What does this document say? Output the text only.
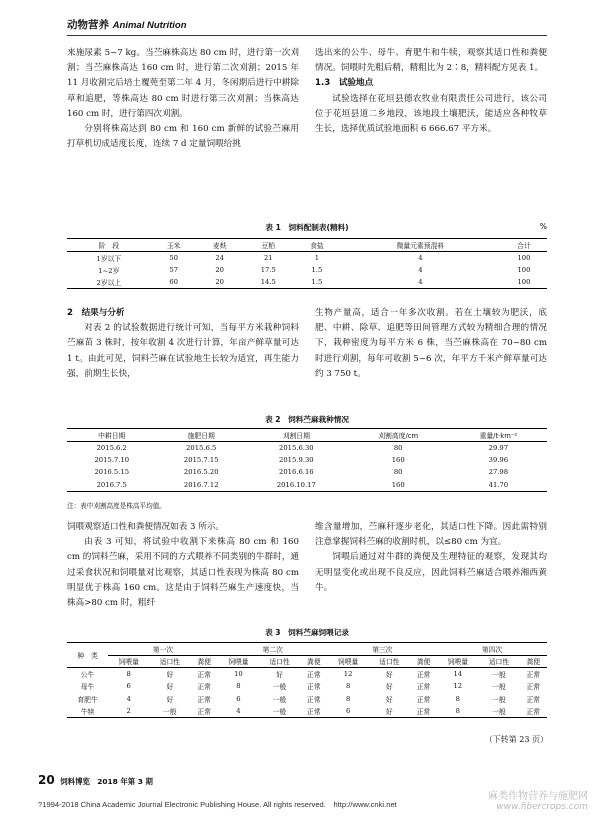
动物营养 Animal Nutrition

来施尿素 5~7 kg。当苎麻株高达 80 cm 时，进行第一次刈割；当苎麻株高达 160 cm 时，进行第二次刈割；2015 年 11 月收割完后培土覆蔸至第二年 4 月，冬闲期后进行中耕除草和追肥，等株高达 80 cm 时进行第三次刈割；当株高达 160 cm 时，进行第四次刈割。

分别将株高达到 80 cm 和 160 cm 新鲜的试验苎麻用打草机切成适度长度，连续 7 d 定量饲喂给挑

选出来的公牛、母牛、育肥牛和牛犊，观察其适口性和粪便情况。饲喂时先粗后精，精粗比为 2∶8，精料配方见表 1。

1.3　试验地点

试验选择在花垣县德农牧业有限责任公司进行，该公司位于花垣县道二乡地段，该地段土壤肥沃，能适应各种牧草生长，选择优质试验地面积 6 666.67 平方米。

表 1　饲料配制表(精料)	%
阶　段	玉米	麦麸	豆粕	食盐	微量元素预混料	合计
1岁以下	50	24	21	1	4	100
1~2岁	57	20	17.5	1.5	4	100
2岁以上	60	20	14.5	1.5	4	100

2　结果与分析

对表 2 的试验数据进行统计可知，当每平方米栽种饲料苎麻苗 3 株时，按年收割 4 次进行计算，年亩产鲜草量可达 1 t。由此可见，饲料苎麻在试验地生长较为适宜，再生能力强，前期生长快，

生物产量高，适合一年多次收割。若在土壤较为肥沃，底肥、中耕、除草、追肥等田间管理方式较为精细合理的情况下，栽种密度为每平方米 6 株，当苎麻株高在 70~80 cm 时进行刈割，每年可收割 5~6 次，年平方千米产鲜草量可达约 3 750 t。

表 2　饲料苎麻栽种情况
中耕日期	施肥日期	刈割日期	刈割高度/cm	重量/t·km⁻²
2015.6.2	2015.6.5	2015.6.30	80	29.97
2015.7.10	2015.7.15	2015.9.30	160	39.96
2016.5.15	2016.5.20	2016.6.16	80	27.98
2016.7.5	2016.7.12	2016.10.17	160	41.70
注：表中刈割高度是株高平均值。

饲喂观察适口性和粪便情况如表 3 所示。

由表 3 可知，将试验中收割下来株高 80 cm 和 160 cm 的饲料苎麻，采用不同的方式喂养不同类别的牛群时，通过采食状况和饲喂量对比观察，其适口性表现为株高 80 cm 明显优于株高 160 cm。这是由于饲料苎麻生产速度快，当株高>80 cm 时，粗纤

维含量增加，苎麻秆逐步老化，其适口性下降。因此需特别注意掌握饲料苎麻的收割时机，以≤80 cm 为宜。

饲喂后通过对牛群的粪便及生理特征的观察，发现其均无明显变化或出现不良反应，因此饲料苎麻适合喂养湘西黄牛。

表 3　饲料苎麻饲喂记录
种　类	第一次			第二次			第三次			第四次		
	饲喂量	适口性	粪便	饲喂量	适口性	粪便	饲喂量	适口性	粪便	饲喂量	适口性	粪便
公牛	8	好	正常	10	好	正常	12	好	正常	14	一般	正常
母牛	6	好	正常	8	一般	正常	8	好	正常	12	一般	正常
育肥牛	4	好	正常	6	一般	正常	8	好	正常	8	一般	正常
牛犊	2	一般	正常	4	一般	正常	6	好	正常	8	一般	正常
（下转第 23 页）
20 饲料博览　2018 年第 3 期
?1994-2018 China Academic Journal Electronic Publishing House. All rights reserved.　http://www.cnki.net
麻类作物营养与施肥网
www.fibercrops.com
